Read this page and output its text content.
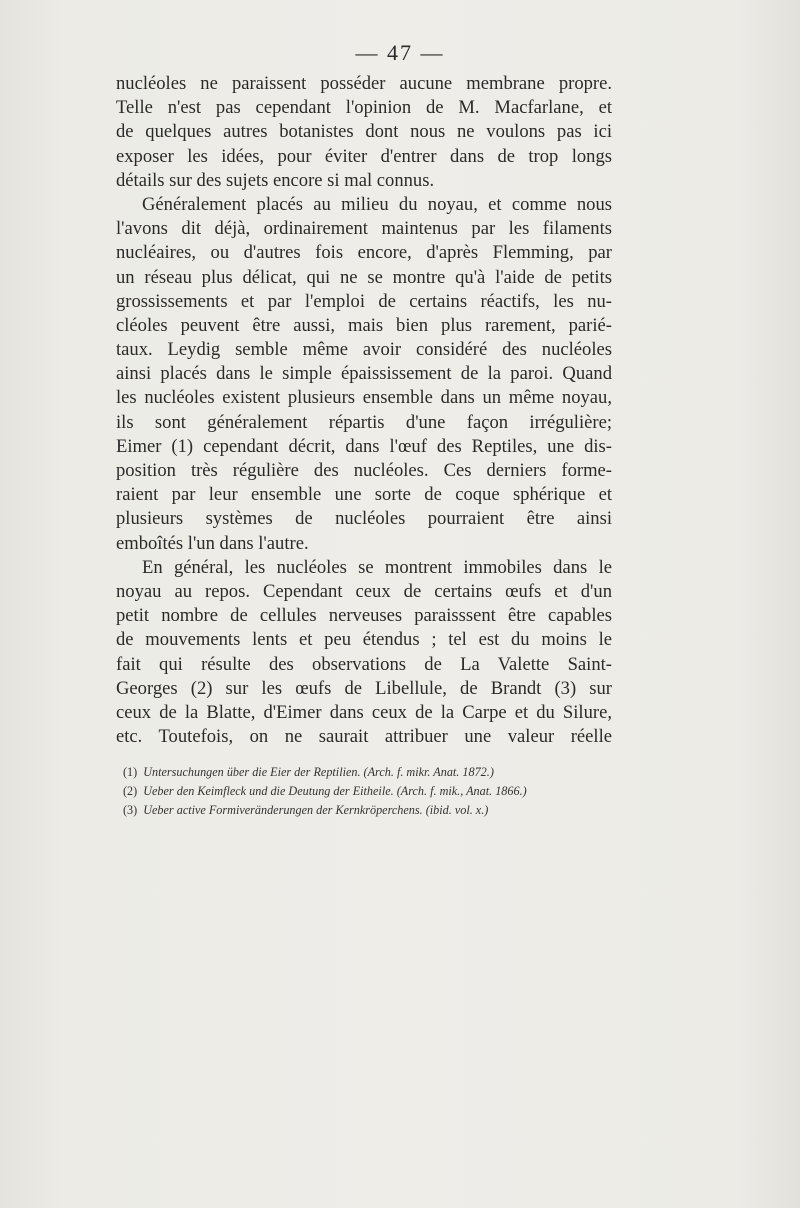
— 47 —
nucléoles ne paraissent posséder aucune membrane propre.
Telle n'est pas cependant l'opinion de M. Macfarlane, et
de quelques autres botanistes dont nous ne voulons pas ici
exposer les idées, pour éviter d'entrer dans de trop longs
détails sur des sujets encore si mal connus.
Généralement placés au milieu du noyau, et comme nous
l'avons dit déjà, ordinairement maintenus par les filaments
nucléaires, ou d'autres fois encore, d'après Flemming, par
un réseau plus délicat, qui ne se montre qu'à l'aide de petits
grossissements et par l'emploi de certains réactifs, les nu-
cléoles peuvent être aussi, mais bien plus rarement, parié-
taux. Leydig semble même avoir considéré des nucléoles
ainsi placés dans le simple épaississement de la paroi. Quand
les nucléoles existent plusieurs ensemble dans un même noyau,
ils sont généralement répartis d'une façon irrégulière;
Eimer (1) cependant décrit, dans l'œuf des Reptiles, une dis-
position très régulière des nucléoles. Ces derniers forme-
raient par leur ensemble une sorte de coque sphérique et
plusieurs systèmes de nucléoles pourraient être ainsi
emboîtés l'un dans l'autre.
En général, les nucléoles se montrent immobiles dans le
noyau au repos. Cependant ceux de certains œufs et d'un
petit nombre de cellules nerveuses paraisssent être capables
de mouvements lents et peu étendus ; tel est du moins le
fait qui résulte des observations de La Valette Saint-
Georges (2) sur les œufs de Libellule, de Brandt (3) sur
ceux de la Blatte, d'Eimer dans ceux de la Carpe et du Silure,
etc. Toutefois, on ne saurait attribuer une valeur réelle
(1) Untersuchungen über die Eier der Reptilien. (Arch. f. mikr. Anat. 1872.)
(2) Ueber den Keimfleck und die Deutung der Eitheile. (Arch. f. mik., Anat. 1866.)
(3) Ueber active Formiveränderungen der Kernkröperchens. (ibid. vol. x.)
